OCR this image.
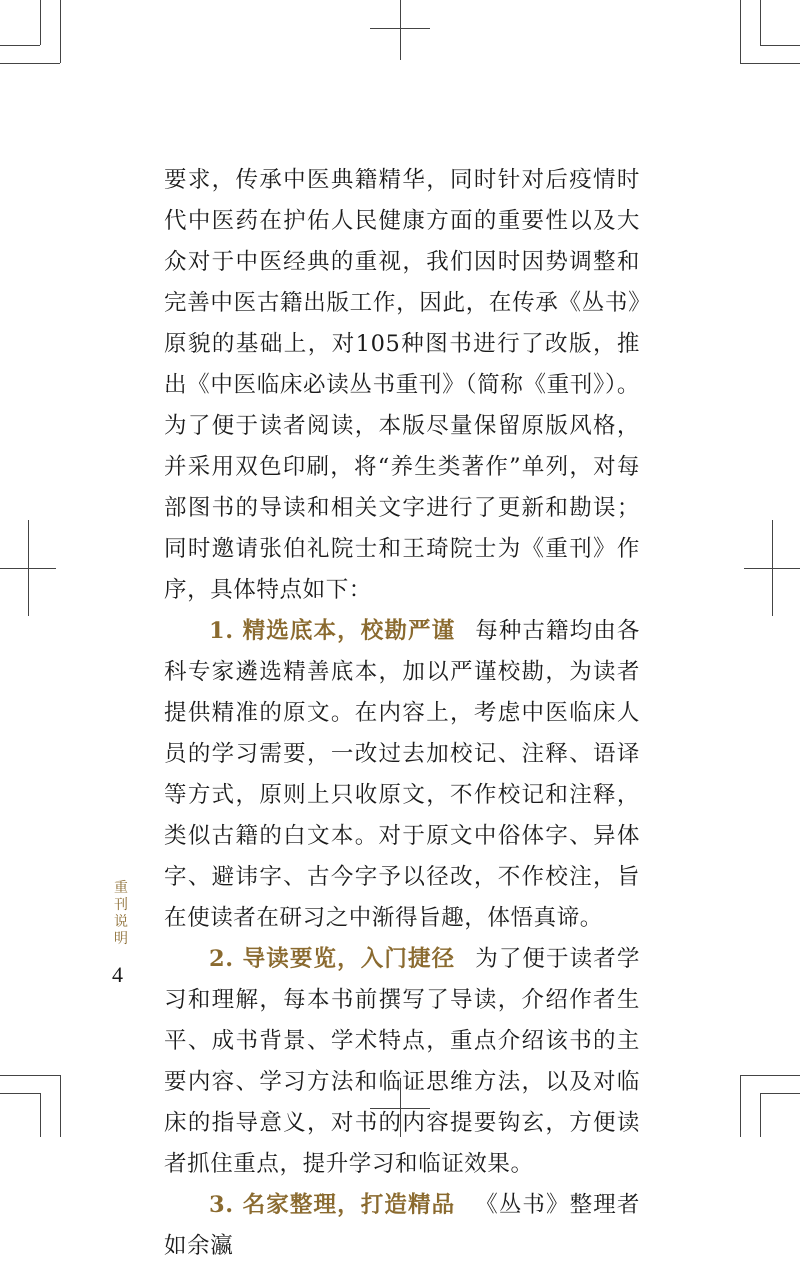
要求，传承中医典籍精华，同时针对后疫情时代中医药在护佑人民健康方面的重要性以及大众对于中医经典的重视，我们因时因势调整和完善中医古籍出版工作，因此，在传承《丛书》原貌的基础上，对105种图书进行了改版，推出《中医临床必读丛书重刊》（简称《重刊》）。为了便于读者阅读，本版尽量保留原版风格，并采用双色印刷，将“养生类著作”单列，对每部图书的导读和相关文字进行了更新和勘误；同时邀请张伯礼院士和王琦院士为《重刊》作序，具体特点如下：

1. 精选底本，校勘严谨 每种古籍均由各科专家遴选精善底本，加以严谨校勘，为读者提供精准的原文。在内容上，考虑中医临床人员的学习需要，一改过去加校记、注释、语译等方式，原则上只收原文，不作校记和注释，类似古籍的白文本。对于原文中俗体字、异体字、避讳字、古今字予以径改，不作校注，旨在使读者在研习之中渐得旨趣，体悟真谛。

2. 导读要览，入门捷径 为了便于读者学习和理解，每本书前撰写了导读，介绍作者生平、成书背景、学术特点，重点介绍该书的主要内容、学习方法和临证思维方法，以及对临床的指导意义，对书的内容提要钩玄，方便读者抓住重点，提升学习和临证效果。

3. 名家整理，打造精品 《丛书》整理者如余瀛

重刊说明
4
